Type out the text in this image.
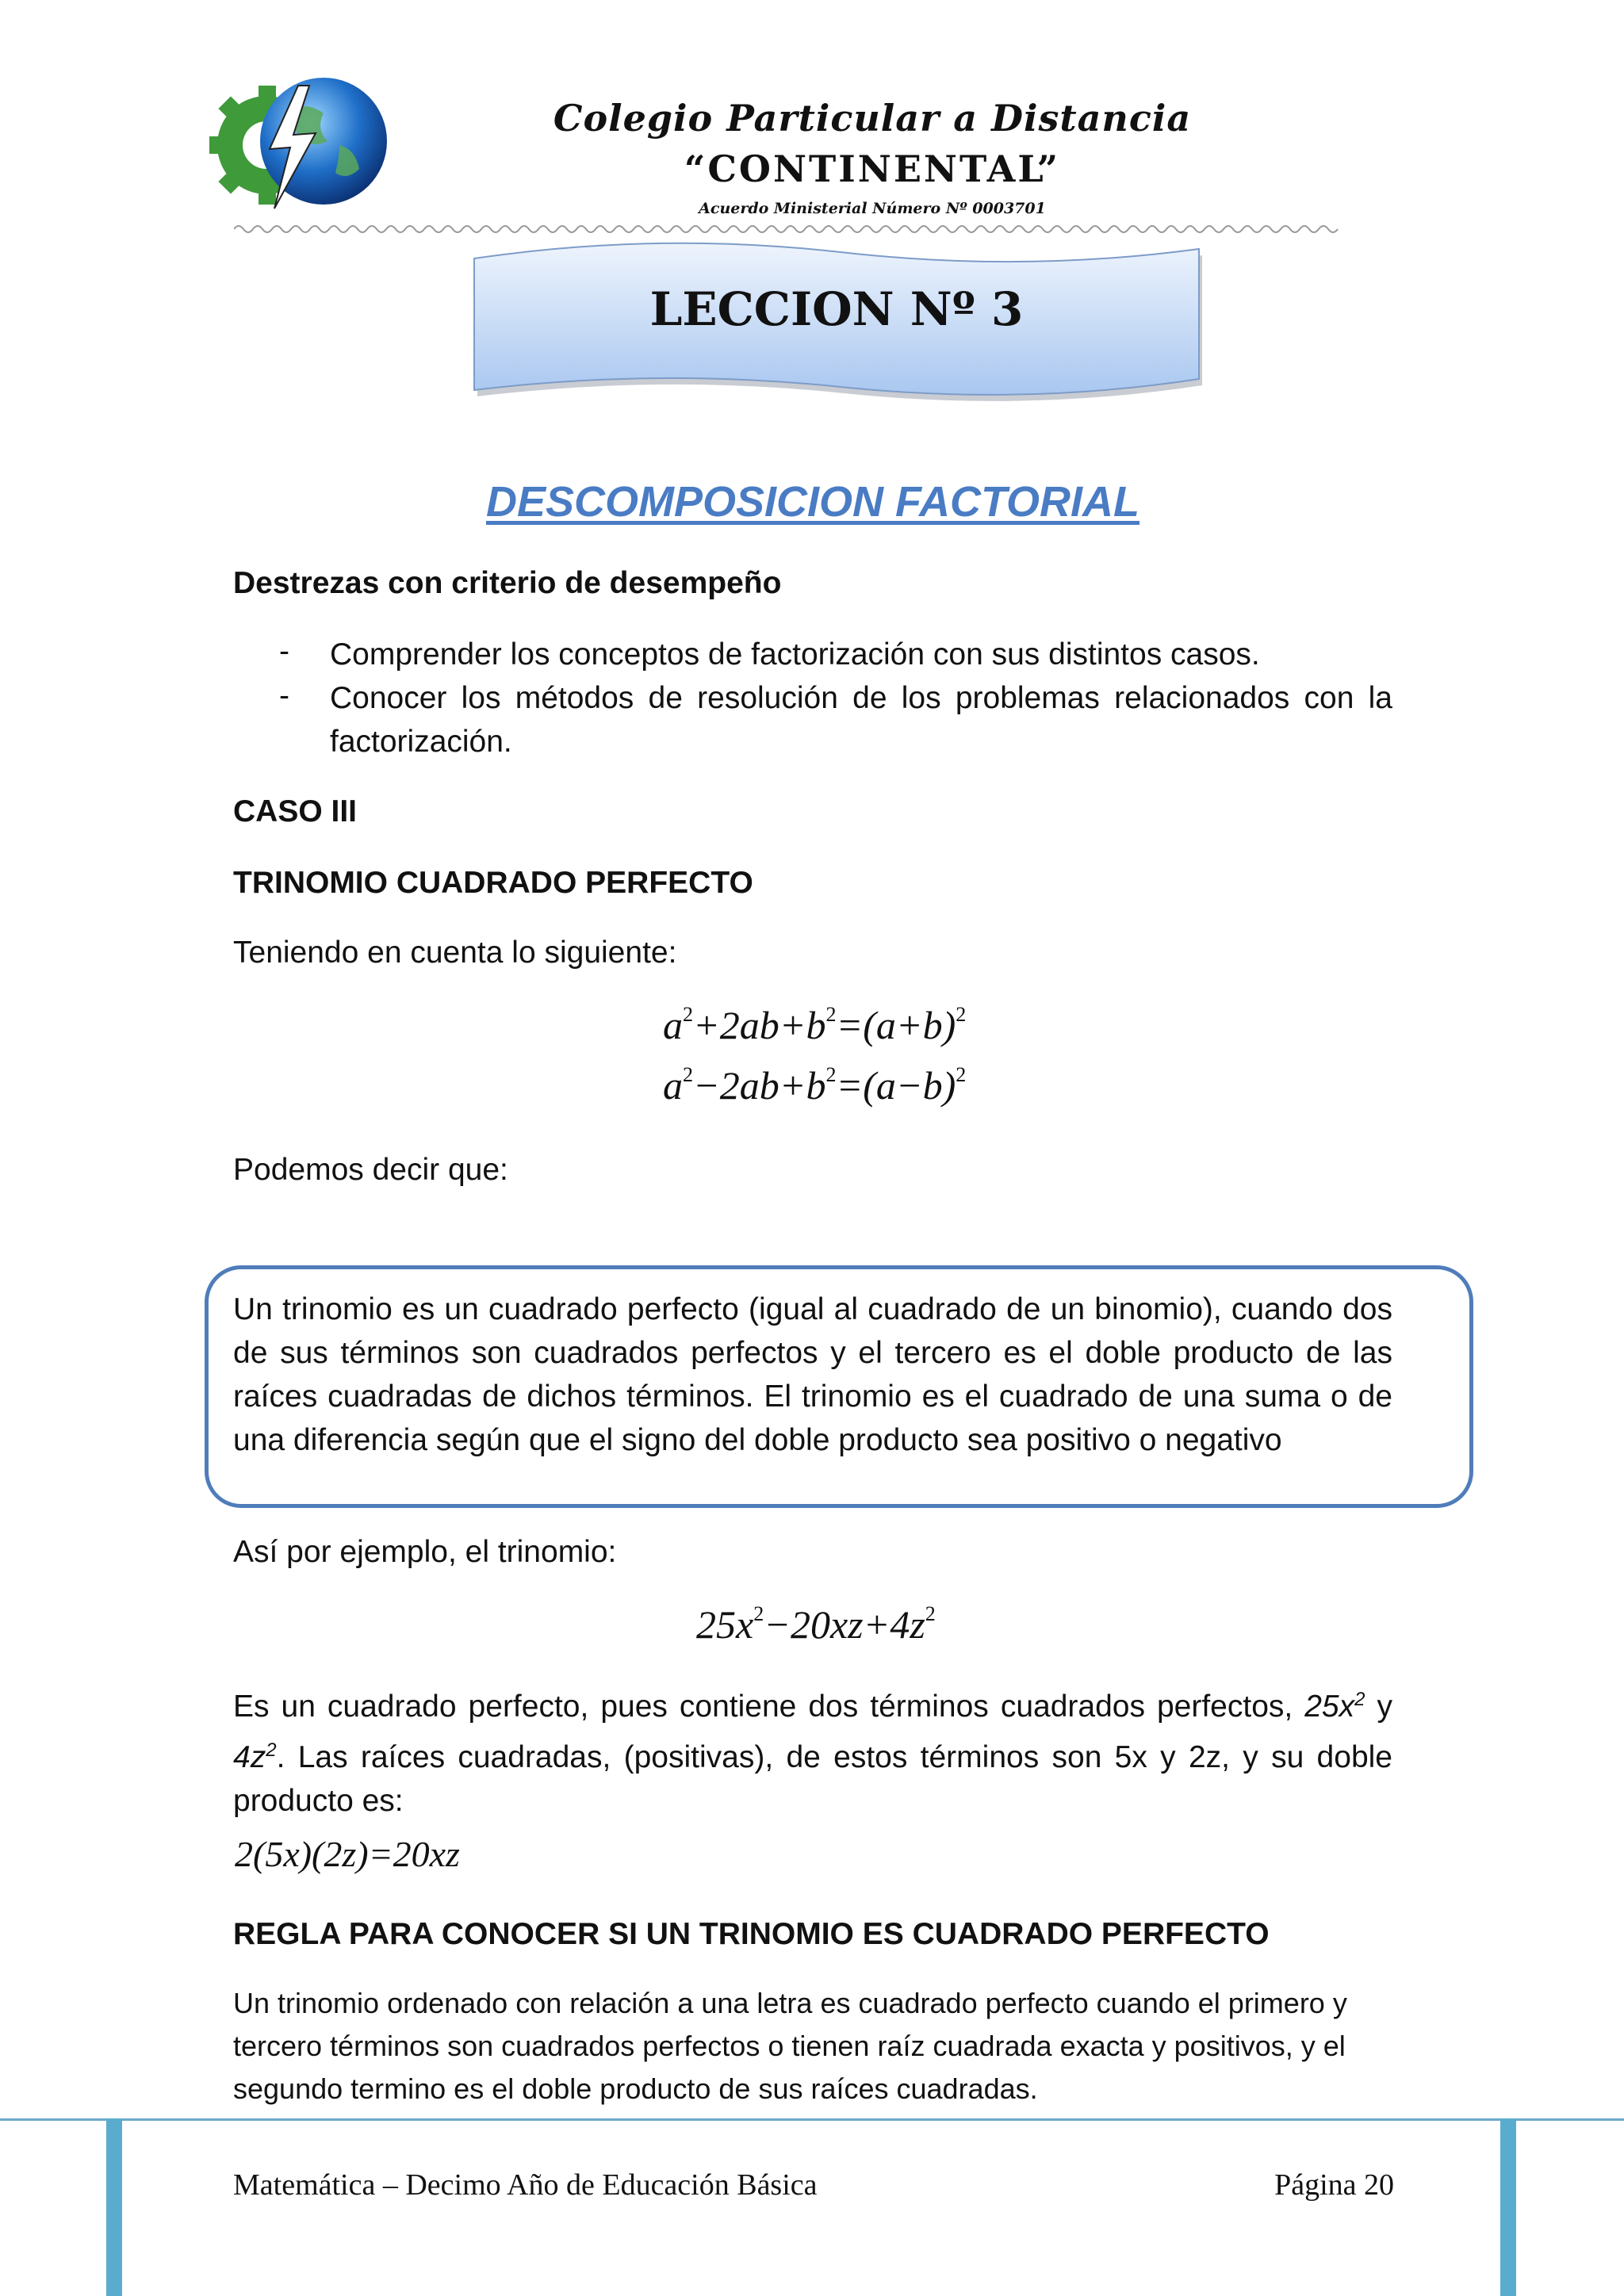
Colegio Particular a Distancia
“CONTINENTAL”
Acuerdo Ministerial Número Nº 0003701
LECCION Nº 3
DESCOMPOSICION FACTORIAL
Destrezas con criterio de desempeño
- Comprender los conceptos de factorización con sus distintos casos.
- Conocer los métodos de resolución de los problemas relacionados con la factorización.
CASO III
TRINOMIO CUADRADO PERFECTO
Teniendo en cuenta lo siguiente:
$a^2+2ab+b^2=(a+b)^2$
$a^2-2ab+b^2=(a-b)^2$
Podemos decir que:
Un trinomio es un cuadrado perfecto (igual al cuadrado de un binomio), cuando dos de sus términos son cuadrados perfectos y el tercero es el doble producto de las raíces cuadradas de dichos términos. El trinomio es el cuadrado de una suma o de una diferencia según que el signo del doble producto sea positivo o negativo
Así por ejemplo, el trinomio:
$25x^2-20xz+4z^2$
Es un cuadrado perfecto, pues contiene dos términos cuadrados perfectos, $25x^2$ y $4z^2$. Las raíces cuadradas, (positivas), de estos términos son 5x y 2z, y su doble producto es:
2(5x)(2z)=20xz
REGLA PARA CONOCER SI UN TRINOMIO ES CUADRADO PERFECTO
Un trinomio ordenado con relación a una letra es cuadrado perfecto cuando el primero y tercero términos son cuadrados perfectos o tienen raíz cuadrada exacta y positivos, y el segundo termino es el doble producto de sus raíces cuadradas.
Matemática – Decimo Año de Educación Básica	Página 20
